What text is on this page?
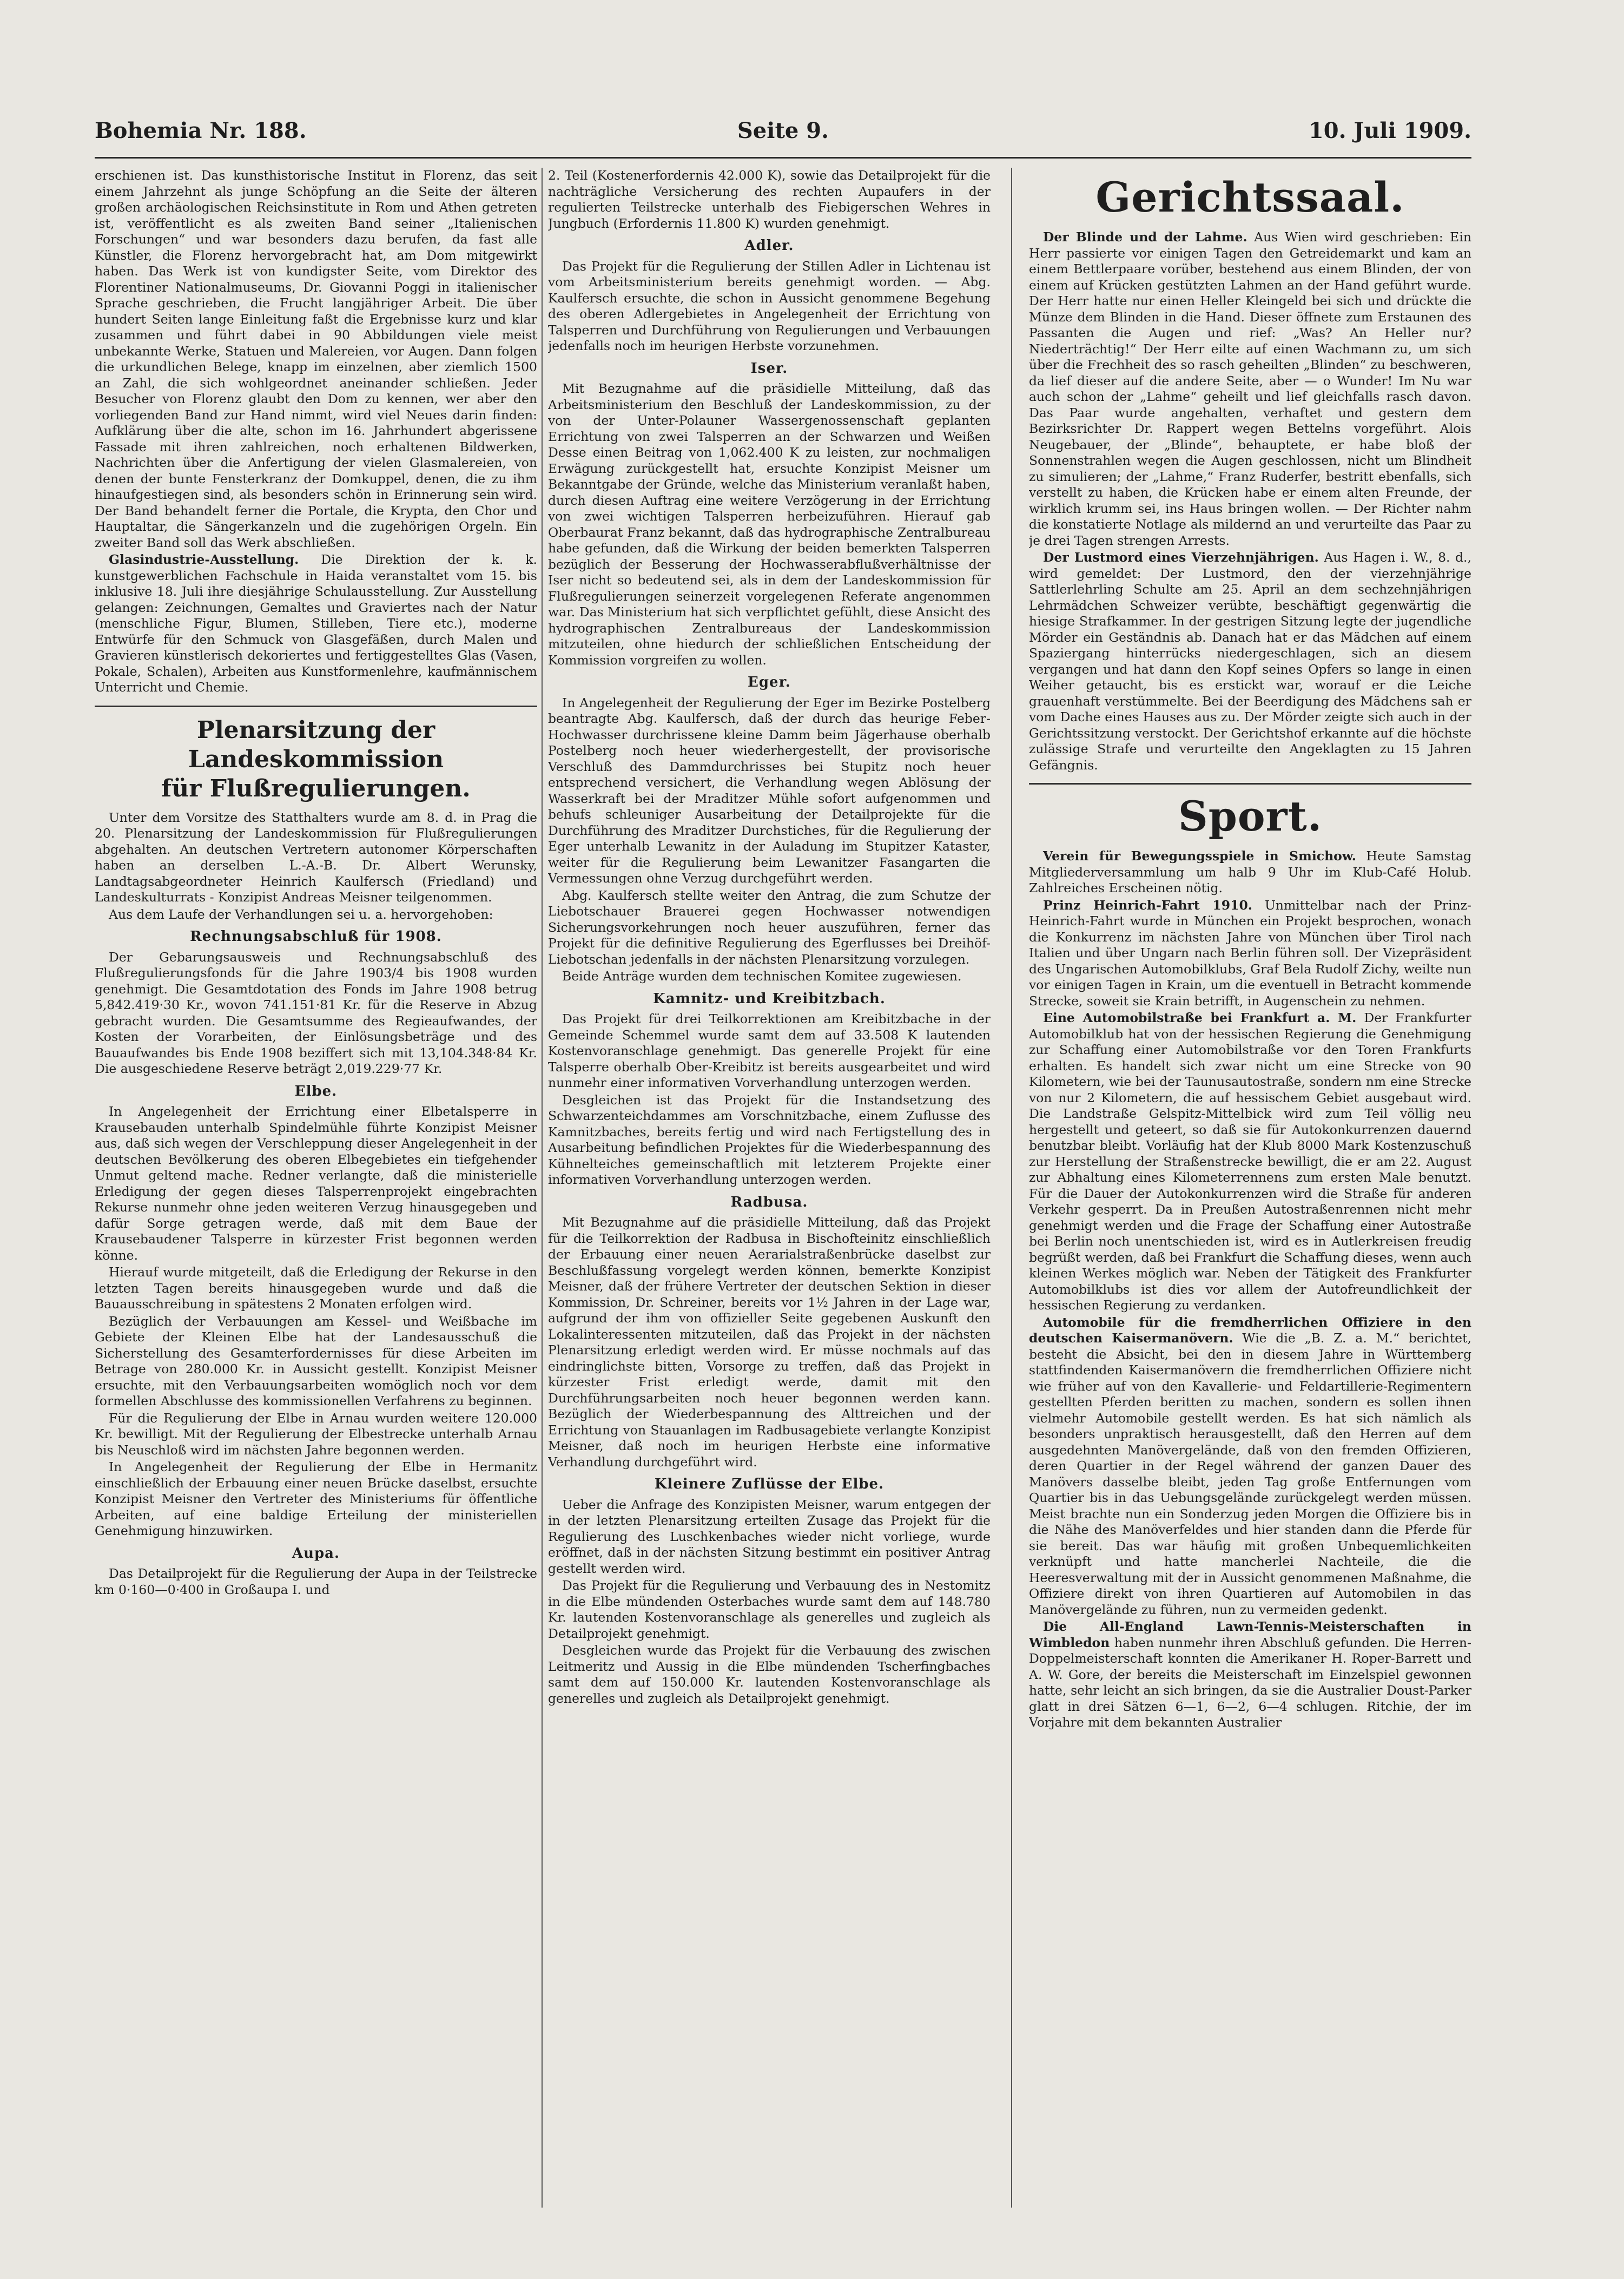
Bohemia Nr. 188.	Seite 9.	10. Juli 1909.

erschienen ist. Das kunsthistorische Institut in Florenz, das seit einem Jahrzehnt als junge Schöpfung an die Seite der älteren großen archäologischen Reichsinstitute in Rom und Athen getreten ist, veröffentlicht es als zweiten Band seiner „Italienischen Forschungen“ und war besonders dazu berufen, da fast alle Künstler, die Florenz hervorgebracht hat, am Dom mitgewirkt haben. Das Werk ist von kundigster Seite, vom Direktor des Florentiner Nationalmuseums, Dr. Giovanni Poggi in italienischer Sprache geschrieben, die Frucht langjähriger Arbeit. Die über hundert Seiten lange Einleitung faßt die Ergebnisse kurz und klar zusammen und führt dabei in 90 Abbildungen viele meist unbekannte Werke, Statuen und Malereien, vor Augen. Dann folgen die urkundlichen Belege, knapp im einzelnen, aber ziemlich 1500 an Zahl, die sich wohlgeordnet aneinander schließen. Jeder Besucher von Florenz glaubt den Dom zu kennen, wer aber den vorliegenden Band zur Hand nimmt, wird viel Neues darin finden: Aufklärung über die alte, schon im 16. Jahrhundert abgerissene Fassade mit ihren zahlreichen, noch erhaltenen Bildwerken, Nachrichten über die Anfertigung der vielen Glasmalereien, von denen der bunte Fensterkranz der Domkuppel, denen, die zu ihm hinaufgestiegen sind, als besonders schön in Erinnerung sein wird. Der Band behandelt ferner die Portale, die Krypta, den Chor und Hauptaltar, die Sängerkanzeln und die zugehörigen Orgeln. Ein zweiter Band soll das Werk abschließen.

Glasindustrie-Ausstellung. Die Direktion der k. k. kunstgewerblichen Fachschule in Haida veranstaltet vom 15. bis inklusive 18. Juli ihre diesjährige Schulausstellung. Zur Ausstellung gelangen: Zeichnungen, Gemaltes und Graviertes nach der Natur (menschliche Figur, Blumen, Stilleben, Tiere etc.), moderne Entwürfe für den Schmuck von Glasgefäßen, durch Malen und Gravieren künstlerisch dekoriertes und fertiggestelltes Glas (Vasen, Pokale, Schalen), Arbeiten aus Kunstformenlehre, kaufmännischem Unterricht und Chemie.

Plenarsitzung der Landeskommission
für Flußregulierungen.

Unter dem Vorsitze des Statthalters wurde am 8. d. in Prag die 20. Plenarsitzung der Landeskommission für Flußregulierungen abgehalten. An deutschen Vertretern autonomer Körperschaften haben an derselben L.-A.-B. Dr. Albert Werunsky, Landtagsabgeordneter Heinrich Kaulfersch (Friedland) und Landeskulturrats - Konzipist Andreas Meisner teilgenommen.

Aus dem Laufe der Verhandlungen sei u. a. hervorgehoben:

Rechnungsabschluß für 1908.

Der Gebarungsausweis und Rechnungsabschluß des Flußregulierungsfonds für die Jahre 1903/4 bis 1908 wurden genehmigt. Die Gesamtdotation des Fonds im Jahre 1908 betrug 5,842.419·30 Kr., wovon 741.151·81 Kr. für die Reserve in Abzug gebracht wurden. Die Gesamtsumme des Regieaufwandes, der Kosten der Vorarbeiten, der Einlösungsbeträge und des Bauaufwandes bis Ende 1908 beziffert sich mit 13,104.348·84 Kr. Die ausgeschiedene Reserve beträgt 2,019.229·77 Kr.

Elbe.

In Angelegenheit der Errichtung einer Elbetalsperre in Krausebauden unterhalb Spindelmühle führte Konzipist Meisner aus, daß sich wegen der Verschleppung dieser Angelegenheit in der deutschen Bevölkerung des oberen Elbegebietes ein tiefgehender Unmut geltend mache. Redner verlangte, daß die ministerielle Erledigung der gegen dieses Talsperrenprojekt eingebrachten Rekurse nunmehr ohne jeden weiteren Verzug hinausgegeben und dafür Sorge getragen werde, daß mit dem Baue der Krausebaudener Talsperre in kürzester Frist begonnen werden könne.

Hierauf wurde mitgeteilt, daß die Erledigung der Rekurse in den letzten Tagen bereits hinausgegeben wurde und daß die Bauausschreibung in spätestens 2 Monaten erfolgen wird.

Bezüglich der Verbauungen am Kessel- und Weißbache im Gebiete der Kleinen Elbe hat der Landesausschuß die Sicherstellung des Gesamterfordernisses für diese Arbeiten im Betrage von 280.000 Kr. in Aussicht gestellt. Konzipist Meisner ersuchte, mit den Verbauungsarbeiten womöglich noch vor dem formellen Abschlusse des kommissionellen Verfahrens zu beginnen.

Für die Regulierung der Elbe in Arnau wurden weitere 120.000 Kr. bewilligt. Mit der Regulierung der Elbestrecke unterhalb Arnau bis Neuschloß wird im nächsten Jahre begonnen werden.

In Angelegenheit der Regulierung der Elbe in Hermanitz einschließlich der Erbauung einer neuen Brücke daselbst, ersuchte Konzipist Meisner den Vertreter des Ministeriums für öffentliche Arbeiten, auf eine baldige Erteilung der ministeriellen Genehmigung hinzuwirken.

Aupa.

Das Detailprojekt für die Regulierung der Aupa in der Teilstrecke km 0·160—0·400 in Großaupa I. und

2. Teil (Kostenerfordernis 42.000 K), sowie das Detailprojekt für die nachträgliche Versicherung des rechten Aupaufers in der regulierten Teilstrecke unterhalb des Fiebigerschen Wehres in Jungbuch (Erfordernis 11.800 K) wurden genehmigt.

Adler.

Das Projekt für die Regulierung der Stillen Adler in Lichtenau ist vom Arbeitsministerium bereits genehmigt worden. — Abg. Kaulfersch ersuchte, die schon in Aussicht genommene Begehung des oberen Adlergebietes in Angelegenheit der Errichtung von Talsperren und Durchführung von Regulierungen und Verbauungen jedenfalls noch im heurigen Herbste vorzunehmen.

Iser.

Mit Bezugnahme auf die präsidielle Mitteilung, daß das Arbeitsministerium den Beschluß der Landeskommission, zu der von der Unter-Polauner Wassergenossenschaft geplanten Errichtung von zwei Talsperren an der Schwarzen und Weißen Desse einen Beitrag von 1,062.400 K zu leisten, zur nochmaligen Erwägung zurückgestellt hat, ersuchte Konzipist Meisner um Bekanntgabe der Gründe, welche das Ministerium veranlaßt haben, durch diesen Auftrag eine weitere Verzögerung in der Errichtung von zwei wichtigen Talsperren herbeizuführen. Hierauf gab Oberbaurat Franz bekannt, daß das hydrographische Zentralbureau habe gefunden, daß die Wirkung der beiden bemerkten Talsperren bezüglich der Besserung der Hochwasserabflußverhältnisse der Iser nicht so bedeutend sei, als in dem der Landeskommission für Flußregulierungen seinerzeit vorgelegenen Referate angenommen war. Das Ministerium hat sich verpflichtet gefühlt, diese Ansicht des hydrographischen Zentralbureaus der Landeskommission mitzuteilen, ohne hiedurch der schließlichen Entscheidung der Kommission vorgreifen zu wollen.

Eger.

In Angelegenheit der Regulierung der Eger im Bezirke Postelberg beantragte Abg. Kaulfersch, daß der durch das heurige Feber-Hochwasser durchrissene kleine Damm beim Jägerhause oberhalb Postelberg noch heuer wiederhergestellt, der provisorische Verschluß des Dammdurchrisses bei Stupitz noch heuer entsprechend versichert, die Verhandlung wegen Ablösung der Wasserkraft bei der Mraditzer Mühle sofort aufgenommen und behufs schleuniger Ausarbeitung der Detailprojekte für die Durchführung des Mraditzer Durchstiches, für die Regulierung der Eger unterhalb Lewanitz in der Auladung im Stupitzer Kataster, weiter für die Regulierung beim Lewanitzer Fasangarten die Vermessungen ohne Verzug durchgeführt werden.

Abg. Kaulfersch stellte weiter den Antrag, die zum Schutze der Liebotschauer Brauerei gegen Hochwasser notwendigen Sicherungsvorkehrungen noch heuer auszuführen, ferner das Projekt für die definitive Regulierung des Egerflusses bei Dreihöf-Liebotschan jedenfalls in der nächsten Plenarsitzung vorzulegen.

Beide Anträge wurden dem technischen Komitee zugewiesen.

Kamnitz- und Kreibitzbach.

Das Projekt für drei Teilkorrektionen am Kreibitzbache in der Gemeinde Schemmel wurde samt dem auf 33.508 K lautenden Kostenvoranschlage genehmigt. Das generelle Projekt für eine Talsperre oberhalb Ober-Kreibitz ist bereits ausgearbeitet und wird nunmehr einer informativen Vorverhandlung unterzogen werden.

Desgleichen ist das Projekt für die Instandsetzung des Schwarzenteichdammes am Vorschnitzbache, einem Zuflusse des Kamnitzbaches, bereits fertig und wird nach Fertigstellung des in Ausarbeitung befindlichen Projektes für die Wiederbespannung des Kühnelteiches gemeinschaftlich mit letzterem Projekte einer informativen Vorverhandlung unterzogen werden.

Radbusa.

Mit Bezugnahme auf die präsidielle Mitteilung, daß das Projekt für die Teilkorrektion der Radbusa in Bischofteinitz einschließlich der Erbauung einer neuen Aerarialstraßenbrücke daselbst zur Beschlußfassung vorgelegt werden können, bemerkte Konzipist Meisner, daß der frühere Vertreter der deutschen Sektion in dieser Kommission, Dr. Schreiner, bereits vor 1½ Jahren in der Lage war, aufgrund der ihm von offizieller Seite gegebenen Auskunft den Lokalinteressenten mitzuteilen, daß das Projekt in der nächsten Plenarsitzung erledigt werden wird. Er müsse nochmals auf das eindringlichste bitten, Vorsorge zu treffen, daß das Projekt in kürzester Frist erledigt werde, damit mit den Durchführungsarbeiten noch heuer begonnen werden kann. Bezüglich der Wiederbespannung des Alttreichen und der Errichtung von Stauanlagen im Radbusagebiete verlangte Konzipist Meisner, daß noch im heurigen Herbste eine informative Verhandlung durchgeführt wird.

Kleinere Zuflüsse der Elbe.

Ueber die Anfrage des Konzipisten Meisner, warum entgegen der in der letzten Plenarsitzung erteilten Zusage das Projekt für die Regulierung des Luschkenbaches wieder nicht vorliege, wurde eröffnet, daß in der nächsten Sitzung bestimmt ein positiver Antrag gestellt werden wird.

Das Projekt für die Regulierung und Verbauung des in Nestomitz in die Elbe mündenden Osterbaches wurde samt dem auf 148.780 Kr. lautenden Kostenvoranschlage als generelles und zugleich als Detailprojekt genehmigt.

Desgleichen wurde das Projekt für die Verbauung des zwischen Leitmeritz und Aussig in die Elbe mündenden Tscherfingbaches samt dem auf 150.000 Kr. lautenden Kostenvoranschlage als generelles und zugleich als Detailprojekt genehmigt.

Gerichtssaal.

Der Blinde und der Lahme. Aus Wien wird geschrieben: Ein Herr passierte vor einigen Tagen den Getreidemarkt und kam an einem Bettlerpaare vorüber, bestehend aus einem Blinden, der von einem auf Krücken gestützten Lahmen an der Hand geführt wurde. Der Herr hatte nur einen Heller Kleingeld bei sich und drückte die Münze dem Blinden in die Hand. Dieser öffnete zum Erstaunen des Passanten die Augen und rief: „Was? An Heller nur? Niederträchtig!“ Der Herr eilte auf einen Wachmann zu, um sich über die Frechheit des so rasch geheilten „Blinden“ zu beschweren, da lief dieser auf die andere Seite, aber — o Wunder! Im Nu war auch schon der „Lahme“ geheilt und lief gleichfalls rasch davon. Das Paar wurde angehalten, verhaftet und gestern dem Bezirksrichter Dr. Rappert wegen Bettelns vorgeführt. Alois Neugebauer, der „Blinde“, behauptete, er habe bloß der Sonnenstrahlen wegen die Augen geschlossen, nicht um Blindheit zu simulieren; der „Lahme,“ Franz Ruderfer, bestritt ebenfalls, sich verstellt zu haben, die Krücken habe er einem alten Freunde, der wirklich krumm sei, ins Haus bringen wollen. — Der Richter nahm die konstatierte Notlage als mildernd an und verurteilte das Paar zu je drei Tagen strengen Arrests.

Der Lustmord eines Vierzehnjährigen. Aus Hagen i. W., 8. d., wird gemeldet: Der Lustmord, den der vierzehnjährige Sattlerlehrling Schulte am 25. April an dem sechzehnjährigen Lehrmädchen Schweizer verübte, beschäftigt gegenwärtig die hiesige Strafkammer. In der gestrigen Sitzung legte der jugendliche Mörder ein Geständnis ab. Danach hat er das Mädchen auf einem Spaziergang hinterrücks niedergeschlagen, sich an diesem vergangen und hat dann den Kopf seines Opfers so lange in einen Weiher getaucht, bis es erstickt war, worauf er die Leiche grauenhaft verstümmelte. Bei der Beerdigung des Mädchens sah er vom Dache eines Hauses aus zu. Der Mörder zeigte sich auch in der Gerichtssitzung verstockt. Der Gerichtshof erkannte auf die höchste zulässige Strafe und verurteilte den Angeklagten zu 15 Jahren Gefängnis.

Sport.

Verein für Bewegungsspiele in Smichow. Heute Samstag Mitgliederversammlung um halb 9 Uhr im Klub-Café Holub. Zahlreiches Erscheinen nötig.

Prinz Heinrich-Fahrt 1910. Unmittelbar nach der Prinz-Heinrich-Fahrt wurde in München ein Projekt besprochen, wonach die Konkurrenz im nächsten Jahre von München über Tirol nach Italien und über Ungarn nach Berlin führen soll. Der Vizepräsident des Ungarischen Automobilklubs, Graf Bela Rudolf Zichy, weilte nun vor einigen Tagen in Krain, um die eventuell in Betracht kommende Strecke, soweit sie Krain betrifft, in Augenschein zu nehmen.

Eine Automobilstraße bei Frankfurt a. M. Der Frankfurter Automobilklub hat von der hessischen Regierung die Genehmigung zur Schaffung einer Automobilstraße vor den Toren Frankfurts erhalten. Es handelt sich zwar nicht um eine Strecke von 90 Kilometern, wie bei der Taunusautostraße, sondern nm eine Strecke von nur 2 Kilometern, die auf hessischem Gebiet ausgebaut wird. Die Landstraße Gelspitz-Mittelbick wird zum Teil völlig neu hergestellt und geteert, so daß sie für Autokonkurrenzen dauernd benutzbar bleibt. Vorläufig hat der Klub 8000 Mark Kostenzuschuß zur Herstellung der Straßenstrecke bewilligt, die er am 22. August zur Abhaltung eines Kilometerrennens zum ersten Male benutzt. Für die Dauer der Autokonkurrenzen wird die Straße für anderen Verkehr gesperrt. Da in Preußen Autostraßenrennen nicht mehr genehmigt werden und die Frage der Schaffung einer Autostraße bei Berlin noch unentschieden ist, wird es in Autlerkreisen freudig begrüßt werden, daß bei Frankfurt die Schaffung dieses, wenn auch kleinen Werkes möglich war. Neben der Tätigkeit des Frankfurter Automobilklubs ist dies vor allem der Autofreundlichkeit der hessischen Regierung zu verdanken.

Automobile für die fremdherrlichen Offiziere in den deutschen Kaisermanövern. Wie die „B. Z. a. M.“ berichtet, besteht die Absicht, bei den in diesem Jahre in Württemberg stattfindenden Kaisermanövern die fremdherrlichen Offiziere nicht wie früher auf von den Kavallerie- und Feldartillerie-Regimentern gestellten Pferden beritten zu machen, sondern es sollen ihnen vielmehr Automobile gestellt werden. Es hat sich nämlich als besonders unpraktisch herausgestellt, daß den Herren auf dem ausgedehnten Manövergelände, daß von den fremden Offizieren, deren Quartier in der Regel während der ganzen Dauer des Manövers dasselbe bleibt, jeden Tag große Entfernungen vom Quartier bis in das Uebungsgelände zurückgelegt werden müssen. Meist brachte nun ein Sonderzug jeden Morgen die Offiziere bis in die Nähe des Manöverfeldes und hier standen dann die Pferde für sie bereit. Das war häufig mit großen Unbequemlichkeiten verknüpft und hatte mancherlei Nachteile, die die Heeresverwaltung mit der in Aussicht genommenen Maßnahme, die Offiziere direkt von ihren Quartieren auf Automobilen in das Manövergelände zu führen, nun zu vermeiden gedenkt.

Die All-England Lawn-Tennis-Meisterschaften in Wimbledon haben nunmehr ihren Abschluß gefunden. Die Herren-Doppelmeisterschaft konnten die Amerikaner H. Roper-Barrett und A. W. Gore, der bereits die Meisterschaft im Einzelspiel gewonnen hatte, sehr leicht an sich bringen, da sie die Australier Doust-Parker glatt in drei Sätzen 6—1, 6—2, 6—4 schlugen. Ritchie, der im Vorjahre mit dem bekannten Australier
